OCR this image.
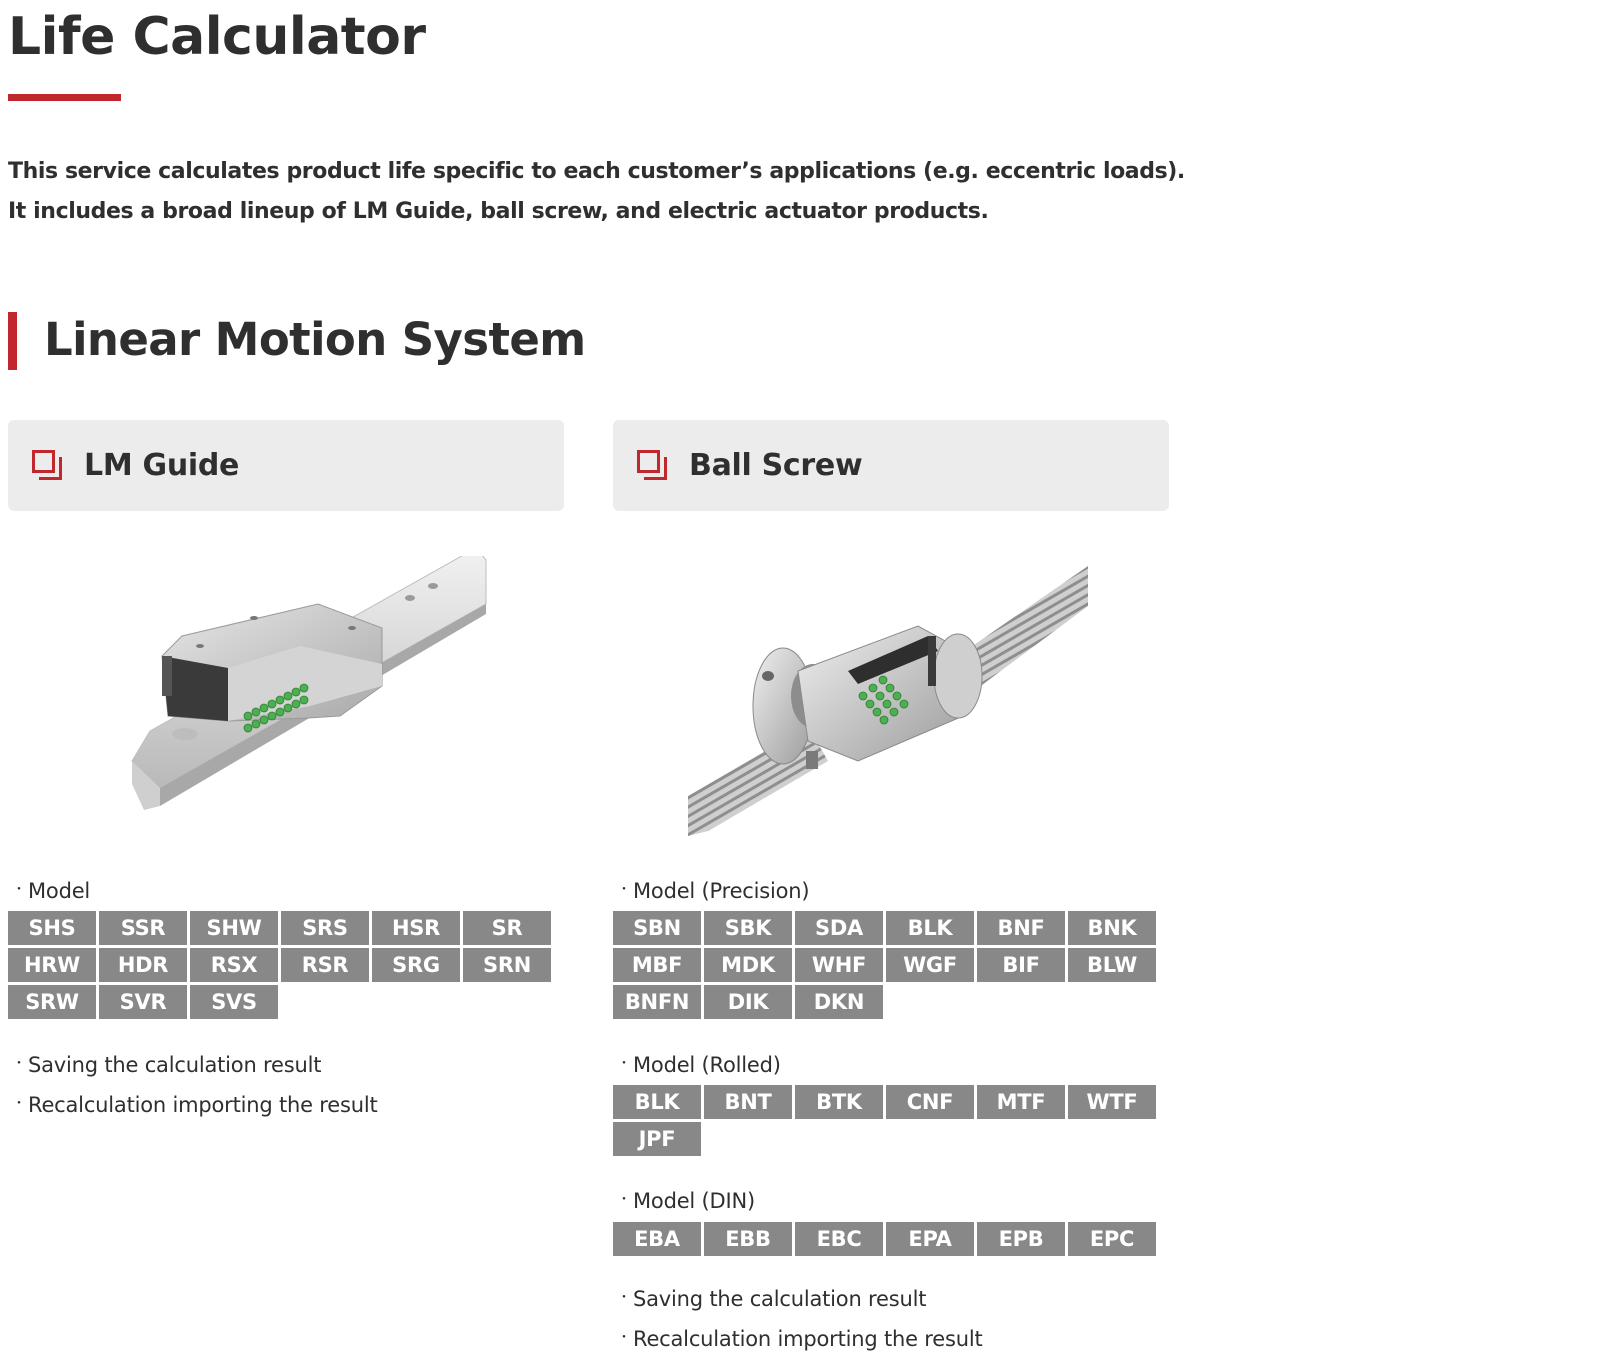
Life Calculator
This service calculates product life specific to each customer’s applications (e.g. eccentric loads).
It includes a broad lineup of LM Guide, ball screw, and electric actuator products.
Linear Motion System
LM Guide
・ Model
SHS	SSR	SHW	SRS	HSR	SR
HRW	HDR	RSX	RSR	SRG	SRN
SRW	SVR	SVS
・ Saving the calculation result
・ Recalculation importing the result
Ball Screw
・ Model (Precision)
SBN	SBK	SDA	BLK	BNF	BNK
MBF	MDK	WHF	WGF	BIF	BLW
BNFN	DIK	DKN
・ Model (Rolled)
BLK	BNT	BTK	CNF	MTF	WTF
JPF
・ Model (DIN)
EBA	EBB	EBC	EPA	EPB	EPC
・ Saving the calculation result
・ Recalculation importing the result
